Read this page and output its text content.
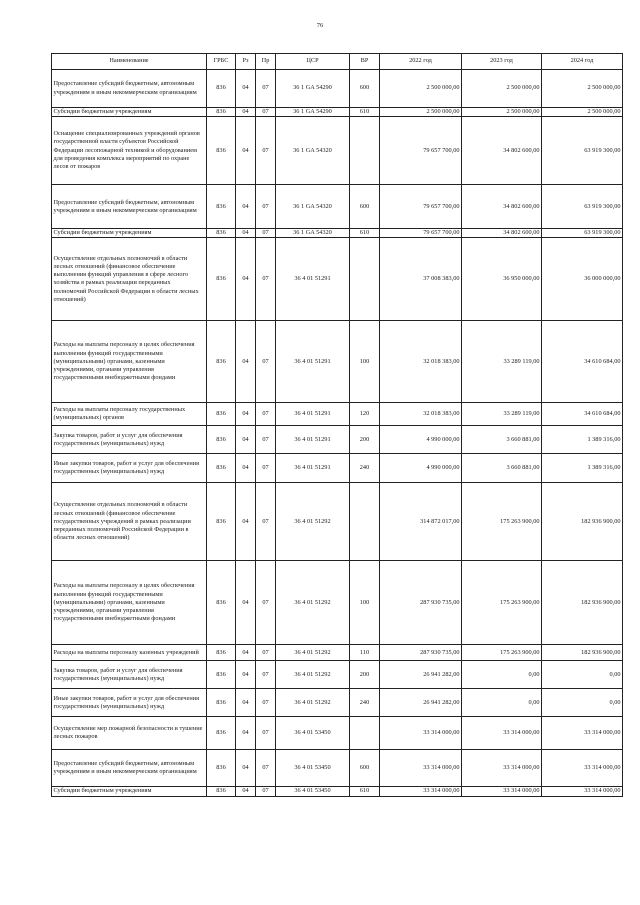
76
Наименование	ГРБС	Рз	Пр	ЦСР	ВР	2022 год	2023 год	2024 год
Предоставление субсидий бюджетным, автономным учреждениям и иным некоммерческим организациям	836	04	07	36 1 GA 54290	600	2 500 000,00	2 500 000,00	2 500 000,00
Субсидии бюджетным учреждениям	836	04	07	36 1 GA 54290	610	2 500 000,00	2 500 000,00	2 500 000,00
Оснащение специализированных учреждений органов государственной власти субъектов Российской Федерации лесопожарной техникой и оборудованием для проведения комплекса мероприятий по охране лесов от пожаров	836	04	07	36 1 GA 54320		79 657 700,00	34 802 600,00	63 919 300,00
Предоставление субсидий бюджетным, автономным учреждениям и иным некоммерческим организациям	836	04	07	36 1 GA 54320	600	79 657 700,00	34 802 600,00	63 919 300,00
Субсидии бюджетным учреждениям	836	04	07	36 1 GA 54320	610	79 657 700,00	34 802 600,00	63 919 300,00
Осуществление отдельных полномочий в области лесных отношений (финансовое обеспечение выполнения функций управления в сфере лесного хозяйства в рамках реализации переданных полномочий Российской Федерации в области лесных отношений)	836	04	07	36 4 01 51291		37 008 383,00	36 950 000,00	36 000 000,00
Расходы на выплаты персоналу в целях обеспечения выполнения функций государственными (муниципальными) органами, казенными учреждениями, органами управления государственными внебюджетными фондами	836	04	07	36 4 01 51291	100	32 018 383,00	33 289 119,00	34 610 684,00
Расходы на выплаты персоналу государственных (муниципальных) органов	836	04	07	36 4 01 51291	120	32 018 383,00	33 289 119,00	34 610 684,00
Закупка товаров, работ и услуг для обеспечения государственных (муниципальных) нужд	836	04	07	36 4 01 51291	200	4 990 000,00	3 660 881,00	1 389 316,00
Иные закупки товаров, работ и услуг для обеспечения государственных (муниципальных) нужд	836	04	07	36 4 01 51291	240	4 990 000,00	3 660 881,00	1 389 316,00
Осуществление отдельных полномочий в области лесных отношений (финансовое обеспечение государственных учреждений в рамках реализации переданных полномочий Российской Федерации в области лесных отношений)	836	04	07	36 4 01 51292		314 872 017,00	175 263 900,00	182 936 900,00
Расходы на выплаты персоналу в целях обеспечения выполнения функций государственными (муниципальными) органами, казенными учреждениями, органами управления государственными внебюджетными фондами	836	04	07	36 4 01 51292	100	287 930 735,00	175 263 900,00	182 936 900,00
Расходы на выплаты персоналу казенных учреждений	836	04	07	36 4 01 51292	110	287 930 735,00	175 263 900,00	182 936 900,00
Закупка товаров, работ и услуг для обеспечения государственных (муниципальных) нужд	836	04	07	36 4 01 51292	200	26 941 282,00	0,00	0,00
Иные закупки товаров, работ и услуг для обеспечения государственных (муниципальных) нужд	836	04	07	36 4 01 51292	240	26 941 282,00	0,00	0,00
Осуществление мер пожарной безопасности и тушение лесных пожаров	836	04	07	36 4 01 53450		33 314 000,00	33 314 000,00	33 314 000,00
Предоставление субсидий бюджетным, автономным учреждениям и иным некоммерческим организациям	836	04	07	36 4 01 53450	600	33 314 000,00	33 314 000,00	33 314 000,00
Субсидии бюджетным учреждениям	836	04	07	36 4 01 53450	610	33 314 000,00	33 314 000,00	33 314 000,00
